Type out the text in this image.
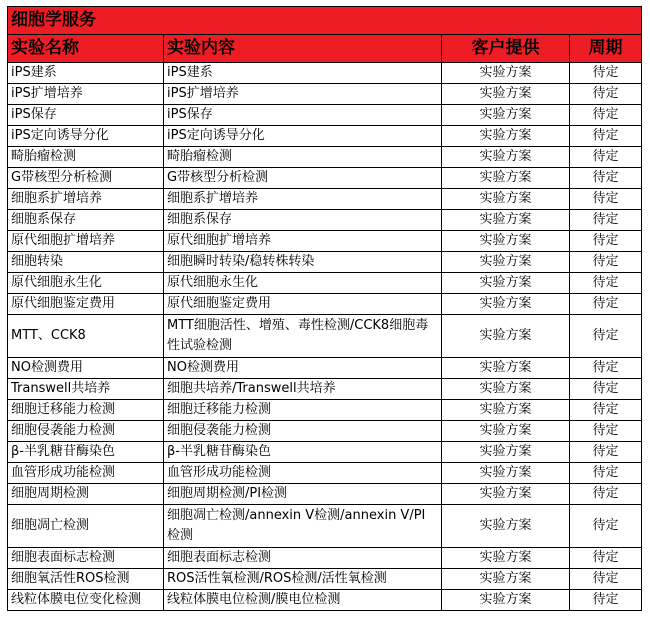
细胞学服务			
实验名称	实验内容	客户提供	周期
iPS建系	iPS建系	实验方案	待定
iPS扩增培养	iPS扩增培养	实验方案	待定
iPS保存	iPS保存	实验方案	待定
iPS定向诱导分化	iPS定向诱导分化	实验方案	待定
畸胎瘤检测	畸胎瘤检测	实验方案	待定
G带核型分析检测	G带核型分析检测	实验方案	待定
细胞系扩增培养	细胞系扩增培养	实验方案	待定
细胞系保存	细胞系保存	实验方案	待定
原代细胞扩增培养	原代细胞扩增培养	实验方案	待定
细胞转染	细胞瞬时转染/稳转株转染	实验方案	待定
原代细胞永生化	原代细胞永生化	实验方案	待定
原代细胞鉴定费用	原代细胞鉴定费用	实验方案	待定
MTT、CCK8	MTT细胞活性、增殖、毒性检测/CCK8细胞毒性试验检测	实验方案	待定
NO检测费用	NO检测费用	实验方案	待定
Transwell共培养	细胞共培养/Transwell共培养	实验方案	待定
细胞迁移能力检测	细胞迁移能力检测	实验方案	待定
细胞侵袭能力检测	细胞侵袭能力检测	实验方案	待定
β-半乳糖苷酶染色	β-半乳糖苷酶染色	实验方案	待定
血管形成功能检测	血管形成功能检测	实验方案	待定
细胞周期检测	细胞周期检测/PI检测	实验方案	待定
细胞凋亡检测	细胞凋亡检测/annexin V检测/annexin V/PI检测	实验方案	待定
细胞表面标志检测	细胞表面标志检测	实验方案	待定
细胞氧活性ROS检测	ROS活性氧检测/ROS检测/活性氧检测	实验方案	待定
线粒体膜电位变化检测	线粒体膜电位检测/膜电位检测	实验方案	待定
